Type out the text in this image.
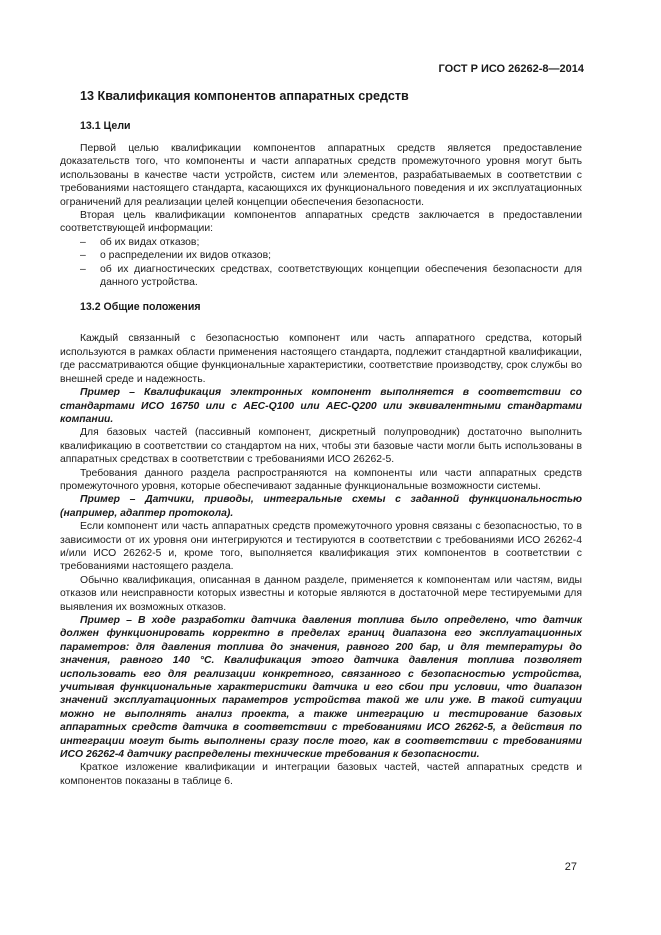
ГОСТ Р ИСО 26262-8—2014
13 Квалификация компонентов аппаратных средств
13.1 Цели

Первой целью квалификации компонентов аппаратных средств является предоставление доказательств того, что компоненты и части аппаратных средств промежуточного уровня могут быть использованы в качестве части устройств, систем или элементов, разрабатываемых в соответствии с требованиями настоящего стандарта, касающихся их функционального поведения и их эксплуатационных ограничений для реализации целей концепции обеспечения безопасности.

Вторая цель квалификации компонентов аппаратных средств заключается в предоставлении соответствующей информации:

– об их видах отказов;
– о распределении их видов отказов;
– об их диагностических средствах, соответствующих концепции обеспечения безопасности для данного устройства.
13.2 Общие положения

Каждый связанный с безопасностью компонент или часть аппаратного средства, который используются в рамках области применения настоящего стандарта, подлежит стандартной квалификации, где рассматриваются общие функциональные характеристики, соответствие производству, срок службы во внешней среде и надежность.

Пример – Квалификация электронных компонент выполняется в соответствии со стандартами ИСО 16750 или с AEC-Q100 или AEC-Q200 или эквивалентными стандартами компании.

Для базовых частей (пассивный компонент, дискретный полупроводник) достаточно выполнить квалификацию в соответствии со стандартом на них, чтобы эти базовые части могли быть использованы в аппаратных средствах в соответствии с требованиями ИСО 26262-5.

Требования данного раздела распространяются на компоненты или части аппаратных средств промежуточного уровня, которые обеспечивают заданные функциональные возможности системы.

Пример – Датчики, приводы, интегральные схемы с заданной функциональностью (например, адаптер протокола).

Если компонент или часть аппаратных средств промежуточного уровня связаны с безопасностью, то в зависимости от их уровня они интегрируются и тестируются в соответствии с требованиями ИСО 26262-4 и/или ИСО 26262-5 и, кроме того, выполняется квалификация этих компонентов в соответствии с требованиями настоящего раздела.

Обычно квалификация, описанная в данном разделе, применяется к компонентам или частям, виды отказов или неисправности которых известны и которые являются в достаточной мере тестируемыми для выявления их возможных отказов.

Пример – В ходе разработки датчика давления топлива было определено, что датчик должен функционировать корректно в пределах границ диапазона его эксплуатационных параметров: для давления топлива до значения, равного 200 бар, и для температуры до значения, равного 140 °C. Квалификация этого датчика давления топлива позволяет использовать его для реализации конкретного, связанного с безопасностью устройства, учитывая функциональные характеристики датчика и его сбои при условии, что диапазон значений эксплуатационных параметров устройства такой же или уже. В такой ситуации можно не выполнять анализ проекта, а также интеграцию и тестирование базовых аппаратных средств датчика в соответствии с требованиями ИСО 26262-5, а действия по интеграции могут быть выполнены сразу после того, как в соответствии с требованиями ИСО 26262-4 датчику распределены технические требования к безопасности.

Краткое изложение квалификации и интеграции базовых частей, частей аппаратных средств и компонентов показаны в таблице 6.

27
